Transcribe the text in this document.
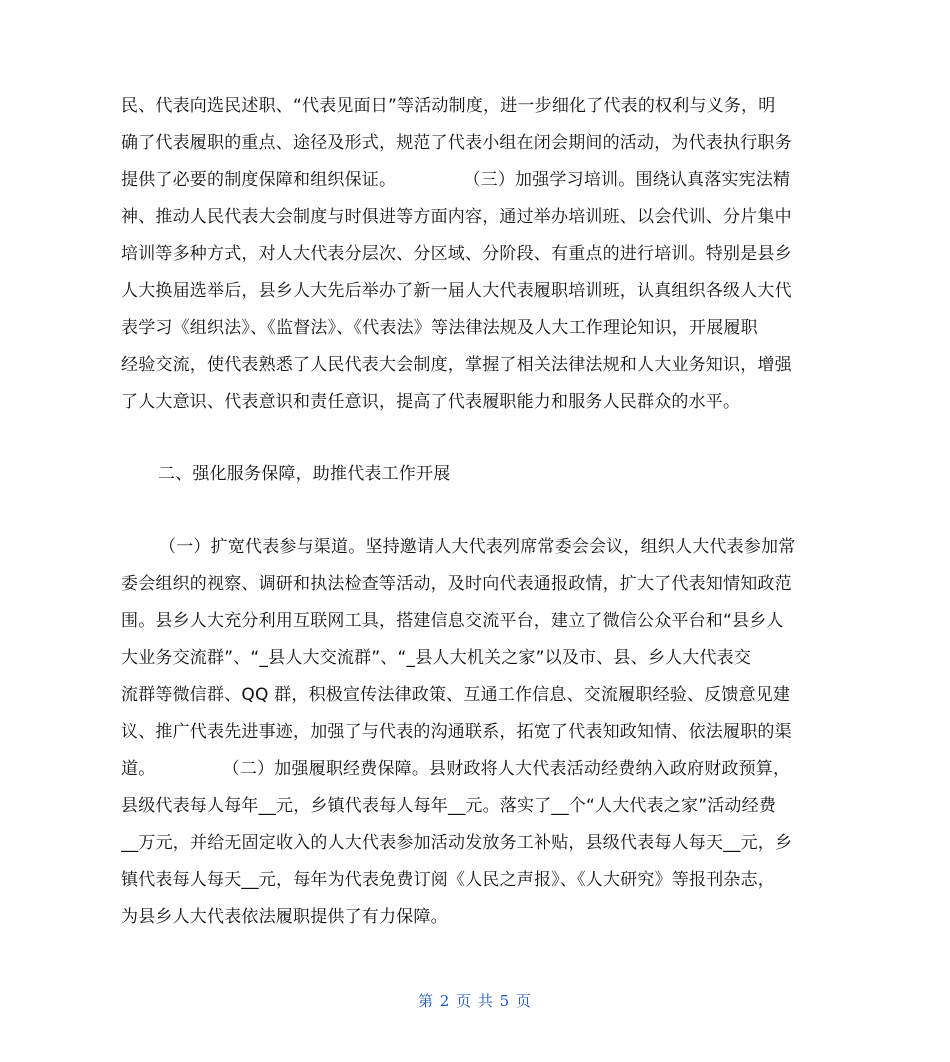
民、代表向选民述职、“代表见面日”等活动制度，进一步细化了代表的权利与义务，明
确了代表履职的重点、途径及形式，规范了代表小组在闭会期间的活动，为代表执行职务
提供了必要的制度保障和组织保证。            （三）加强学习培训。围绕认真落实宪法精
神、推动人民代表大会制度与时俱进等方面内容，通过举办培训班、以会代训、分片集中
培训等多种方式，对人大代表分层次、分区域、分阶段、有重点的进行培训。特别是县乡
人大换届选举后，县乡人大先后举办了新一届人大代表履职培训班，认真组织各级人大代
表学习《组织法》、《监督法》、《代表法》等法律法规及人大工作理论知识，开展履职
经验交流，使代表熟悉了人民代表大会制度，掌握了相关法律法规和人大业务知识，增强
了人大意识、代表意识和责任意识，提高了代表履职能力和服务人民群众的水平。
二、强化服务保障，助推代表工作开展
（一）扩宽代表参与渠道。坚持邀请人大代表列席常委会会议，组织人大代表参加常
委会组织的视察、调研和执法检查等活动，及时向代表通报政情，扩大了代表知情知政范
围。县乡人大充分利用互联网工具，搭建信息交流平台，建立了微信公众平台和“县乡人
大业务交流群”、“_县人大交流群”、“_县人大机关之家”以及市、县、乡人大代表交
流群等微信群、QQ 群，积极宣传法律政策、互通工作信息、交流履职经验、反馈意见建
议、推广代表先进事迹，加强了与代表的沟通联系，拓宽了代表知政知情、依法履职的渠
道。            （二）加强履职经费保障。县财政将人大代表活动经费纳入政府财政预算，
县级代表每人每年__元，乡镇代表每人每年__元。落实了__个“人大代表之家”活动经费
__万元，并给无固定收入的人大代表参加活动发放务工补贴，县级代表每人每天__元，乡
镇代表每人每天__元，每年为代表免费订阅《人民之声报》、《人大研究》等报刊杂志，
为县乡人大代表依法履职提供了有力保障。
第 2 页 共 5 页
